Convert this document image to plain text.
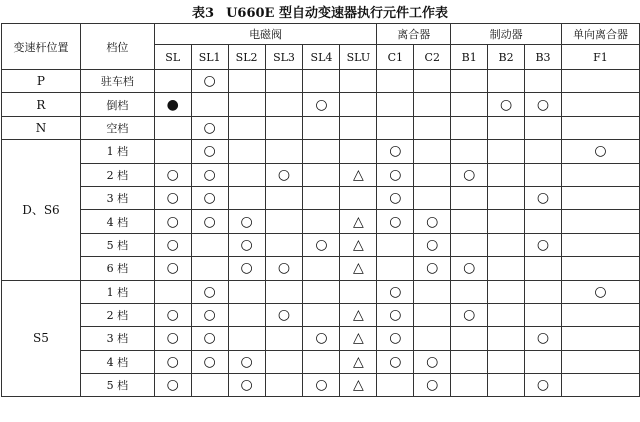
表3 U660E 型自动变速器执行元件工作表
变速杆位置	档位	电磁阀						离合器		制动器			单向离合器
		SL	SL1	SL2	SL3	SL4	SLU	C1	C2	B1	B2	B3	F1
P	驻车档		○										
R	倒档	●				○					○	○	
N	空档		○										
D、S6	1 档		○					○					○
	2 档	○	○		○		△	○		○			
	3 档	○	○					○				○	
	4 档	○	○	○			△	○	○				
	5 档	○		○		○	△		○			○	
	6 档	○		○	○		△		○	○			
S5	1 档		○					○					○
	2 档	○	○		○		△	○		○			
	3 档	○	○			○	△	○				○	
	4 档	○	○	○			△	○	○				
	5 档	○		○		○	△		○			○	
